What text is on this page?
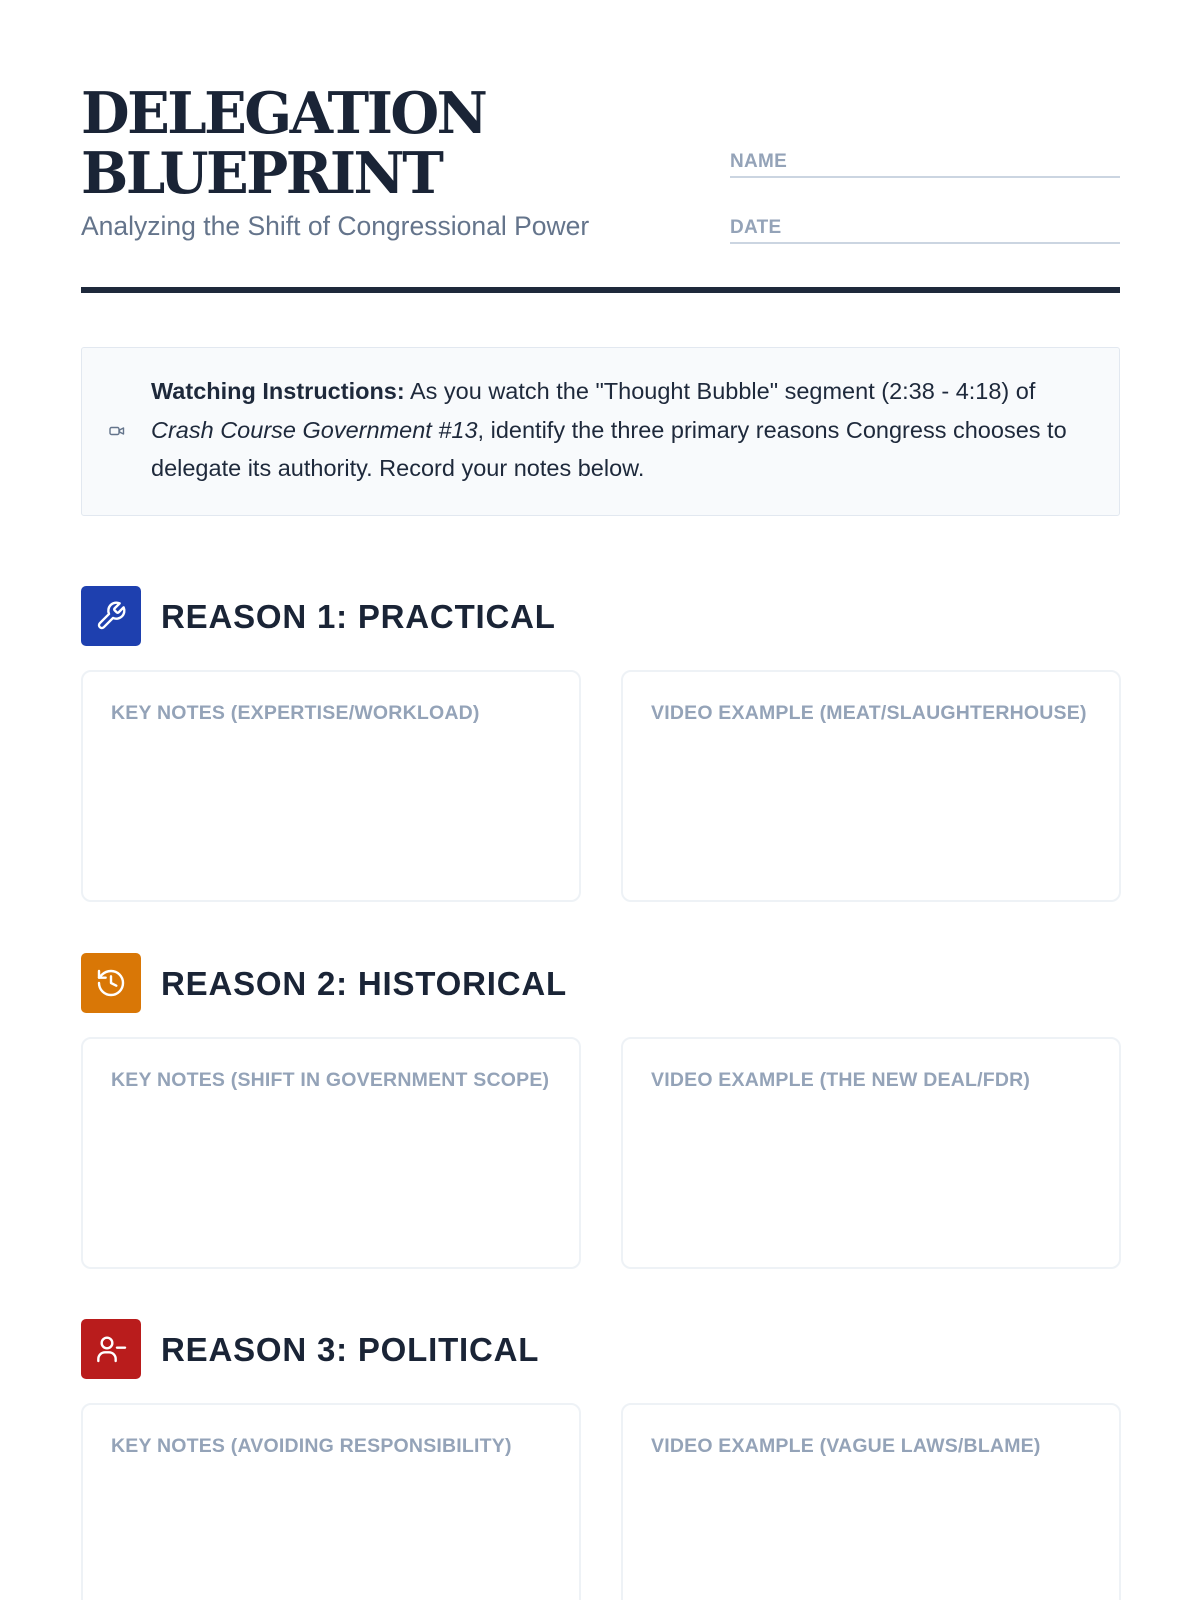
DELEGATION
BLUEPRINT
Analyzing the Shift of Congressional Power
NAME
DATE
Watching Instructions: As you watch the "Thought Bubble" segment (2:38 - 4:18) of Crash Course Government #13, identify the three primary reasons Congress chooses to delegate its authority. Record your notes below.
REASON 1: PRACTICAL
KEY NOTES (EXPERTISE/WORKLOAD)	VIDEO EXAMPLE (MEAT/SLAUGHTERHOUSE)
REASON 2: HISTORICAL
KEY NOTES (SHIFT IN GOVERNMENT SCOPE)	VIDEO EXAMPLE (THE NEW DEAL/FDR)
REASON 3: POLITICAL
KEY NOTES (AVOIDING RESPONSIBILITY)	VIDEO EXAMPLE (VAGUE LAWS/BLAME)
